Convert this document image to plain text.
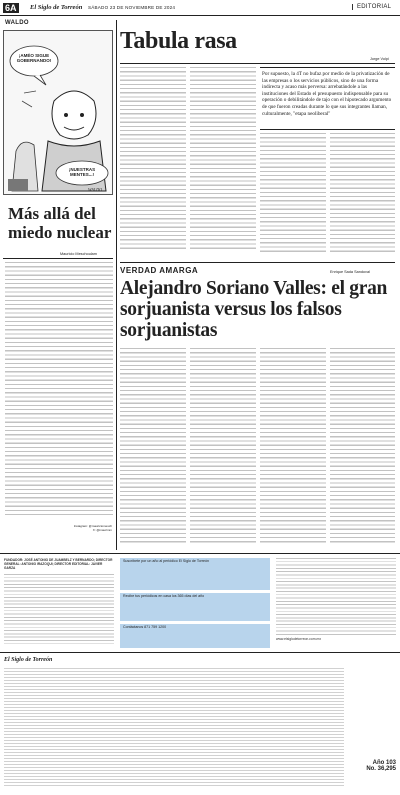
6A	El Siglo de Torreón SÁBADO 23 DE NOVIEMBRE DE 2024	EDITORIAL
WALDO
¡AMÉO SIGUE GOBERNANDO!
¡NUESTRAS MENTES...!
WALDO
Tabula rasa
Jorge Volpi
Por supuesto, la 4T no bufaz por medio de la privatización de las empresas o los servicios públicos, sino de una forma indirecta y acaso más perversa: arrebatándole a las instituciones del Estado el presupuesto indispensable para su operación o debilitándole de tajo con el hipotecado argumento de que fueron creadas durante lo que sus integrantes llaman, culturalmente, "etapa neoliberal"
Más allá del miedo nuclear
Mauricio Meschoulam
Instagram: @mauriciomesch
X: @maurimm
VERDAD AMARGA	Enrique Sada Sandoval
Alejandro Soriano Valles: el gran sorjuanista versus los falsos sorjuanistas
FUNDADOR: JOSÉ ANTONIO DE JUAMBELZ Y BERNARDO; DIRECTOR GENERAL: ANTONIO IRAZOQUI; DIRECTOR EDITORIAL: JAVIER GARZA
Suscríbete por un año al periódico El Siglo de Torreón
Recibe tus periódicos en casa los 365 días del año
Contáctanos 871 759 1200
www.elsiglodetorreon.com.mx
El Siglo de Torreón
Año 103
No. 36,295
